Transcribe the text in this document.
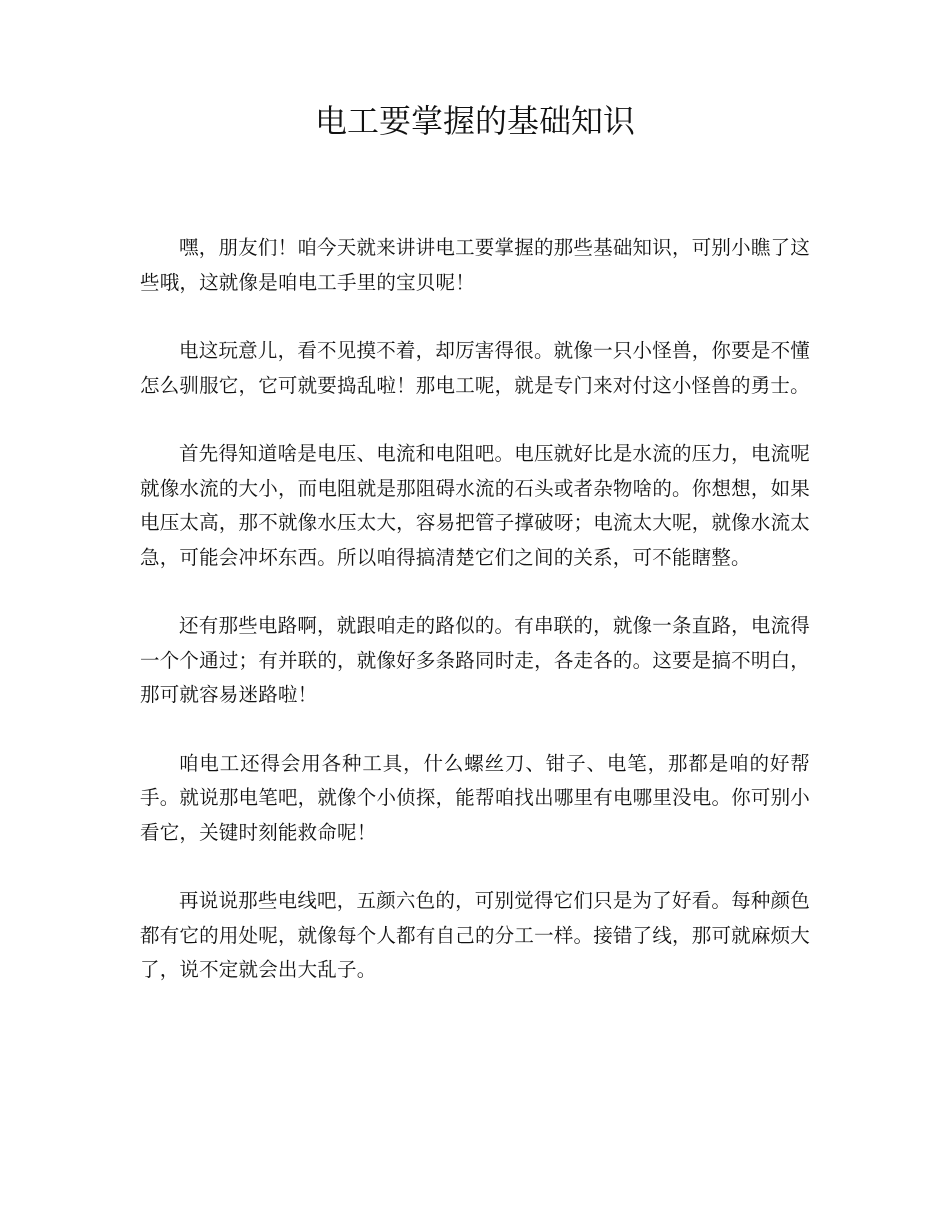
电工要掌握的基础知识

嘿，朋友们！咱今天就来讲讲电工要掌握的那些基础知识，可别小瞧了这些哦，这就像是咱电工手里的宝贝呢！

电这玩意儿，看不见摸不着，却厉害得很。就像一只小怪兽，你要是不懂怎么驯服它，它可就要捣乱啦！那电工呢，就是专门来对付这小怪兽的勇士。

首先得知道啥是电压、电流和电阻吧。电压就好比是水流的压力，电流呢就像水流的大小，而电阻就是那阻碍水流的石头或者杂物啥的。你想想，如果电压太高，那不就像水压太大，容易把管子撑破呀；电流太大呢，就像水流太急，可能会冲坏东西。所以咱得搞清楚它们之间的关系，可不能瞎整。

还有那些电路啊，就跟咱走的路似的。有串联的，就像一条直路，电流得一个个通过；有并联的，就像好多条路同时走，各走各的。这要是搞不明白，那可就容易迷路啦！

咱电工还得会用各种工具，什么螺丝刀、钳子、电笔，那都是咱的好帮手。就说那电笔吧，就像个小侦探，能帮咱找出哪里有电哪里没电。你可别小看它，关键时刻能救命呢！

再说说那些电线吧，五颜六色的，可别觉得它们只是为了好看。每种颜色都有它的用处呢，就像每个人都有自己的分工一样。接错了线，那可就麻烦大了，说不定就会出大乱子。
